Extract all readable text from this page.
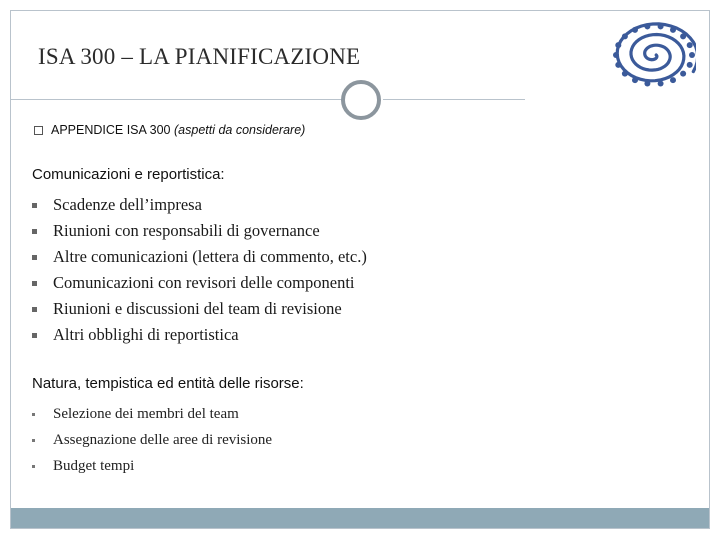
ISA 300 – LA PIANIFICAZIONE
APPENDICE ISA 300 (aspetti da considerare)
Comunicazioni e reportistica:
Scadenze dell’impresa
Riunioni con responsabili di governance
Altre comunicazioni (lettera di commento, etc.)
Comunicazioni con revisori delle componenti
Riunioni e discussioni del team di revisione
Altri obblighi di reportistica
Natura, tempistica ed entità delle risorse:
Selezione dei membri del team
Assegnazione delle aree di revisione
Budget tempi
